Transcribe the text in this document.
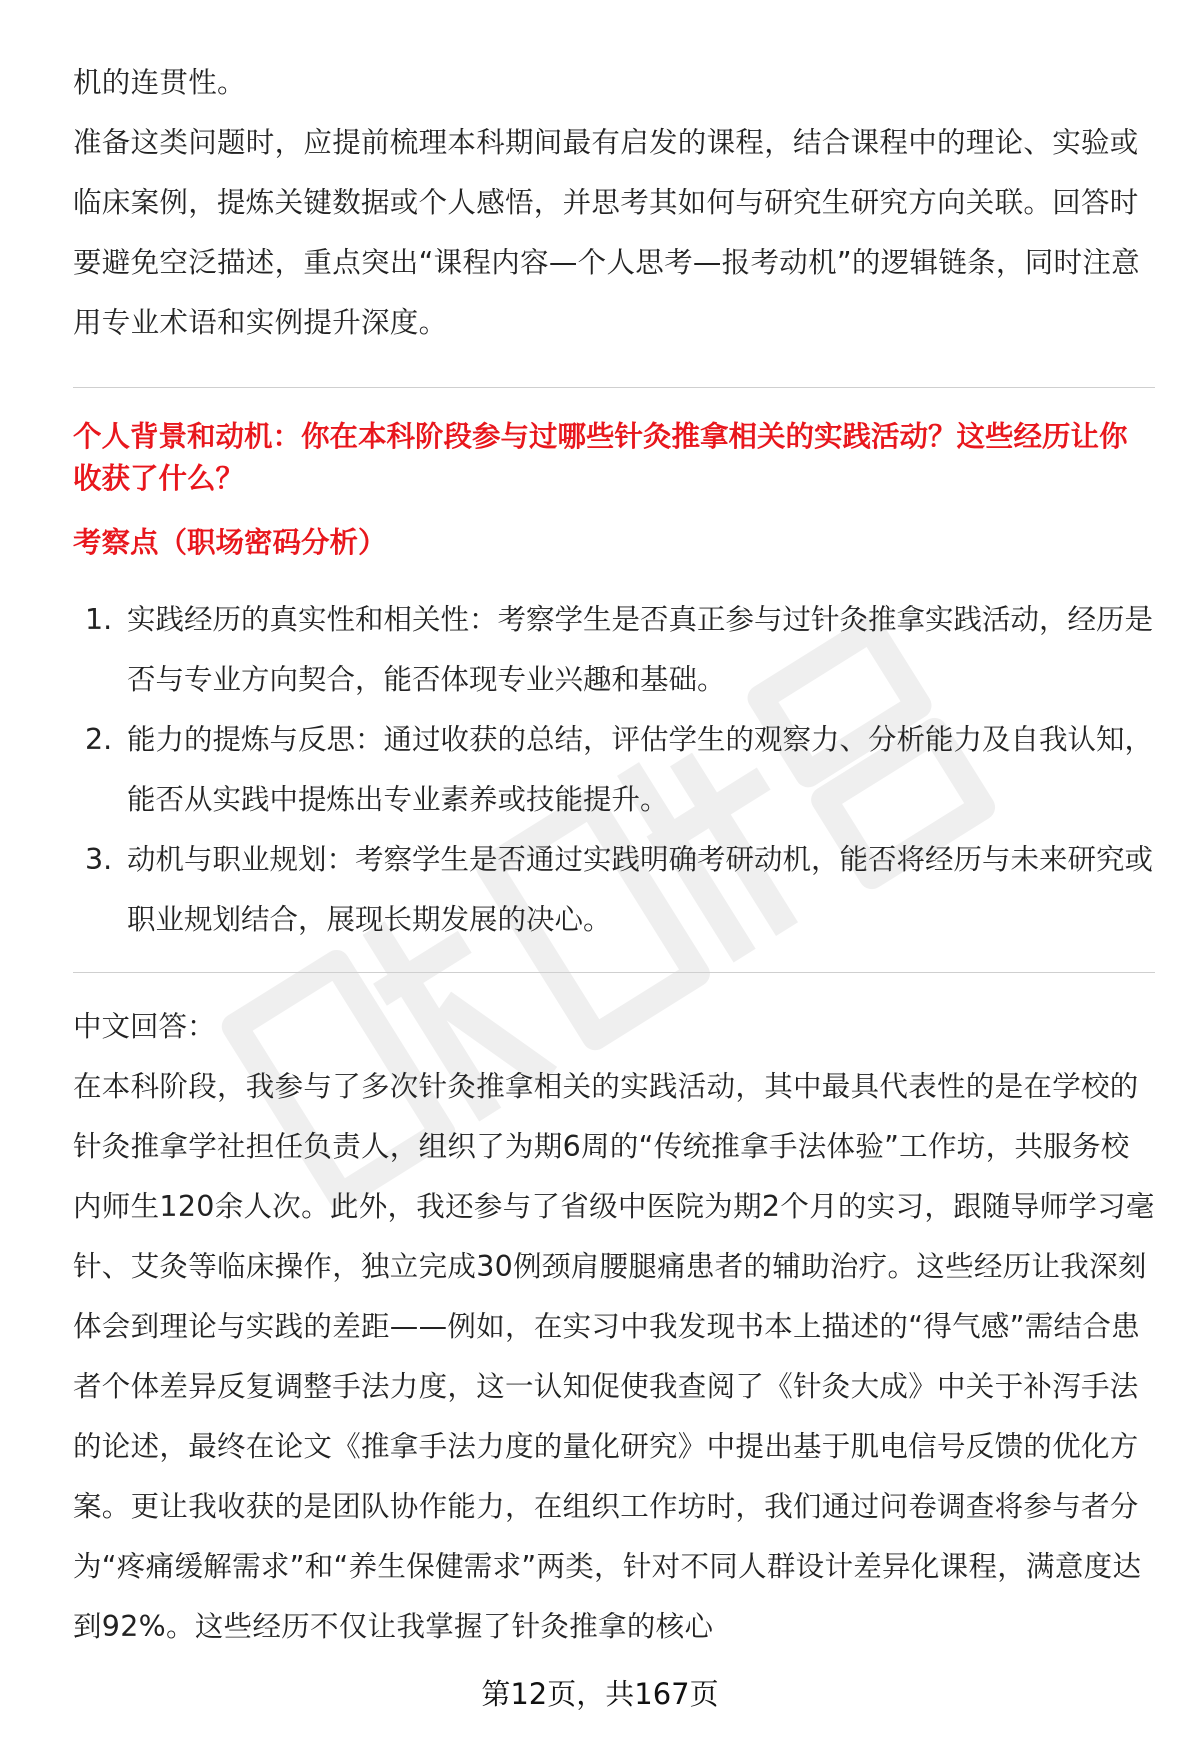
机的连贯性。

准备这类问题时，应提前梳理本科期间最有启发的课程，结合课程中的理论、实验或临床案例，提炼关键数据或个人感悟，并思考其如何与研究生研究方向关联。回答时要避免空泛描述，重点突出“课程内容—个人思考—报考动机”的逻辑链条，同时注意用专业术语和实例提升深度。

个人背景和动机：你在本科阶段参与过哪些针灸推拿相关的实践活动？这些经历让你收获了什么？

考察点（职场密码分析）

1. 实践经历的真实性和相关性：考察学生是否真正参与过针灸推拿实践活动，经历是否与专业方向契合，能否体现专业兴趣和基础。
2. 能力的提炼与反思：通过收获的总结，评估学生的观察力、分析能力及自我认知，能否从实践中提炼出专业素养或技能提升。
3. 动机与职业规划：考察学生是否通过实践明确考研动机，能否将经历与未来研究或职业规划结合，展现长期发展的决心。

中文回答：

在本科阶段，我参与了多次针灸推拿相关的实践活动，其中最具代表性的是在学校的针灸推拿学社担任负责人，组织了为期6周的“传统推拿手法体验”工作坊，共服务校内师生120余人次。此外，我还参与了省级中医院为期2个月的实习，跟随导师学习毫针、艾灸等临床操作，独立完成30例颈肩腰腿痛患者的辅助治疗。这些经历让我深刻体会到理论与实践的差距——例如，在实习中我发现书本上描述的“得气感”需结合患者个体差异反复调整手法力度，这一认知促使我查阅了《针灸大成》中关于补泻手法的论述，最终在论文《推拿手法力度的量化研究》中提出基于肌电信号反馈的优化方案。更让我收获的是团队协作能力，在组织工作坊时，我们通过问卷调查将参与者分为“疼痛缓解需求”和“养生保健需求”两类，针对不同人群设计差异化课程，满意度达到92%。这些经历不仅让我掌握了针灸推拿的核心

第12页，共167页
